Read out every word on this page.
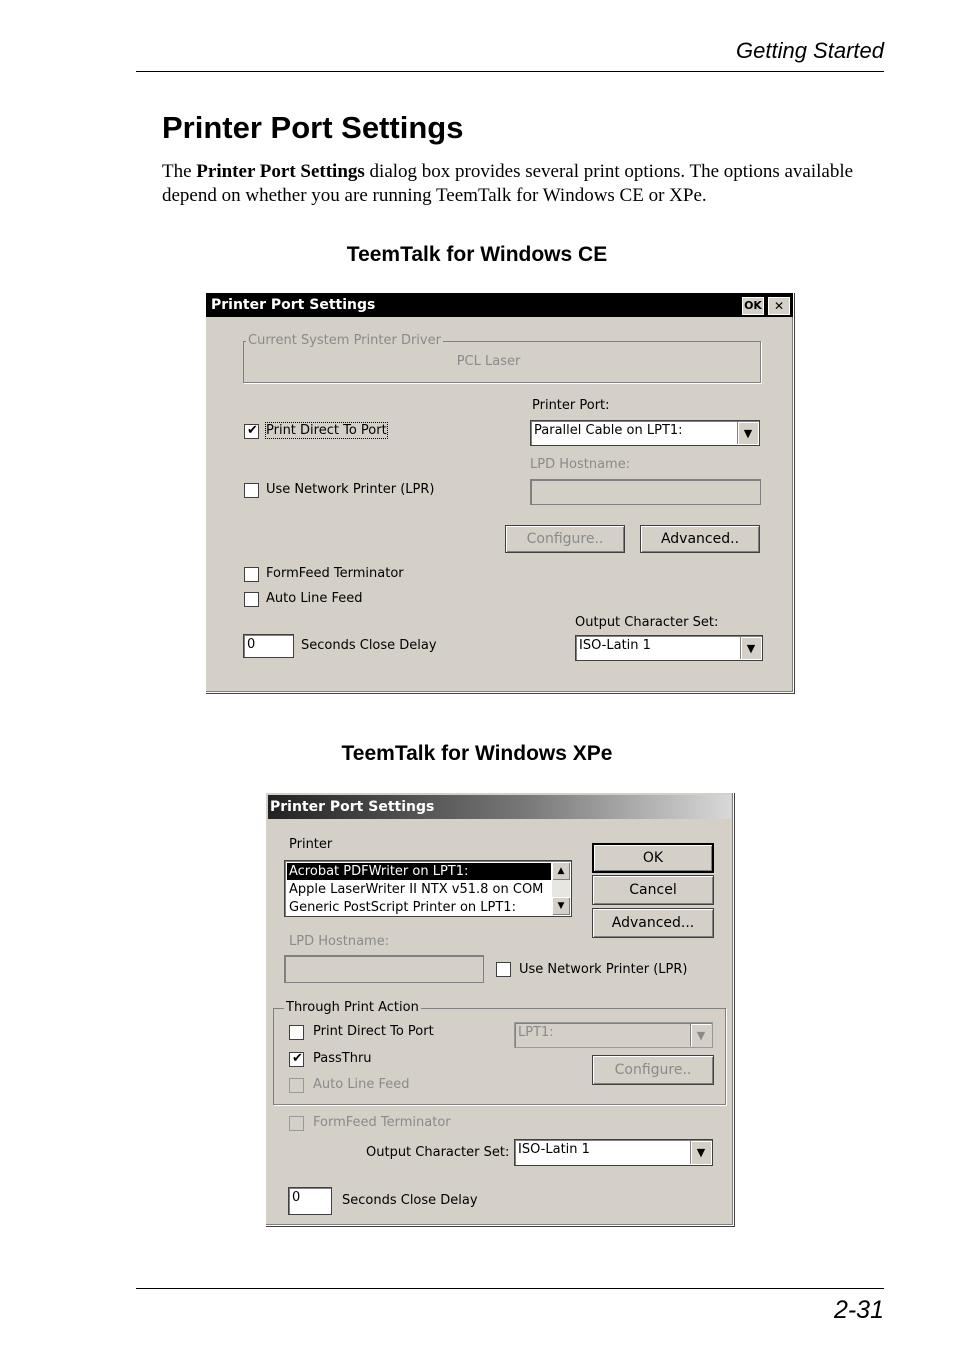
Getting Started
Printer Port Settings
The Printer Port Settings dialog box provides several print options. The options available depend on whether you are running TeemTalk for Windows CE or XPe.
TeemTalk for Windows CE
Printer Port Settings	OK	✕
Current System Printer Driver
PCL Laser
Printer Port:
Parallel Cable on LPT1:	▼
✔ Print Direct To Port
LPD Hostname:
Use Network Printer (LPR)
Configure..	Advanced..
FormFeed Terminator
Auto Line Feed
Output Character Set:
ISO-Latin 1	▼
0	Seconds Close Delay
TeemTalk for Windows XPe
Printer Port Settings
Printer
Acrobat PDFWriter on LPT1:
Apple LaserWriter II NTX v51.8 on COM
Generic PostScript Printer on LPT1:
▲
▼
OK
Cancel
Advanced...
LPD Hostname:
Use Network Printer (LPR)
Through Print Action
Print Direct To Port	LPT1:	▼
✔ PassThru
Configure..
Auto Line Feed
FormFeed Terminator
Output Character Set: ISO-Latin 1	▼
0	Seconds Close Delay
2-31
